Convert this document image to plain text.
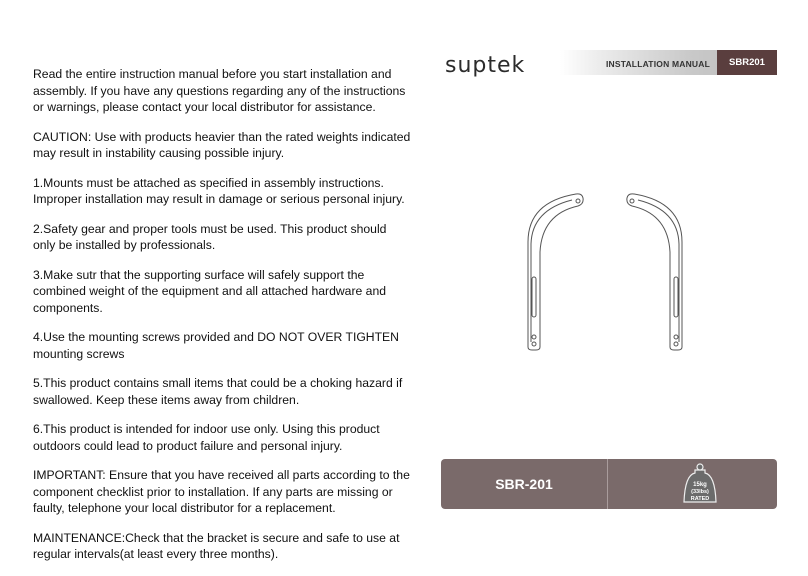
Read the entire instruction manual before you start installation and assembly. If you have any questions regarding any of the instructions or warnings, please contact your local distributor for assistance.

CAUTION: Use with products heavier than the rated weights indicated may result in instability causing possible injury.

1.Mounts must be attached as specified in assembly instructions. Improper installation may result in damage or serious personal injury.

2.Safety gear and proper tools must be used. This product should only be installed by professionals.

3.Make sutr that the supporting surface will safely support the combined weight of the equipment and all attached hardware and components.

4.Use the mounting screws provided and DO NOT OVER TIGHTEN mounting screws

5.This product contains small items that could be a choking hazard if swallowed. Keep these items away from children.

6.This product is intended for indoor use only. Using this product outdoors could lead to product failure and personal injury.

IMPORTANT: Ensure that you have received all parts according to the component checklist prior to installation. If any parts are missing or faulty, telephone your local distributor for a replacement.

MAINTENANCE:Check that the bracket is secure and safe to use at regular intervals(at least every three months).

suptek	INSTALLATION MANUAL	SBR201
SBR-201	15kg
(33lbs)
RATED
